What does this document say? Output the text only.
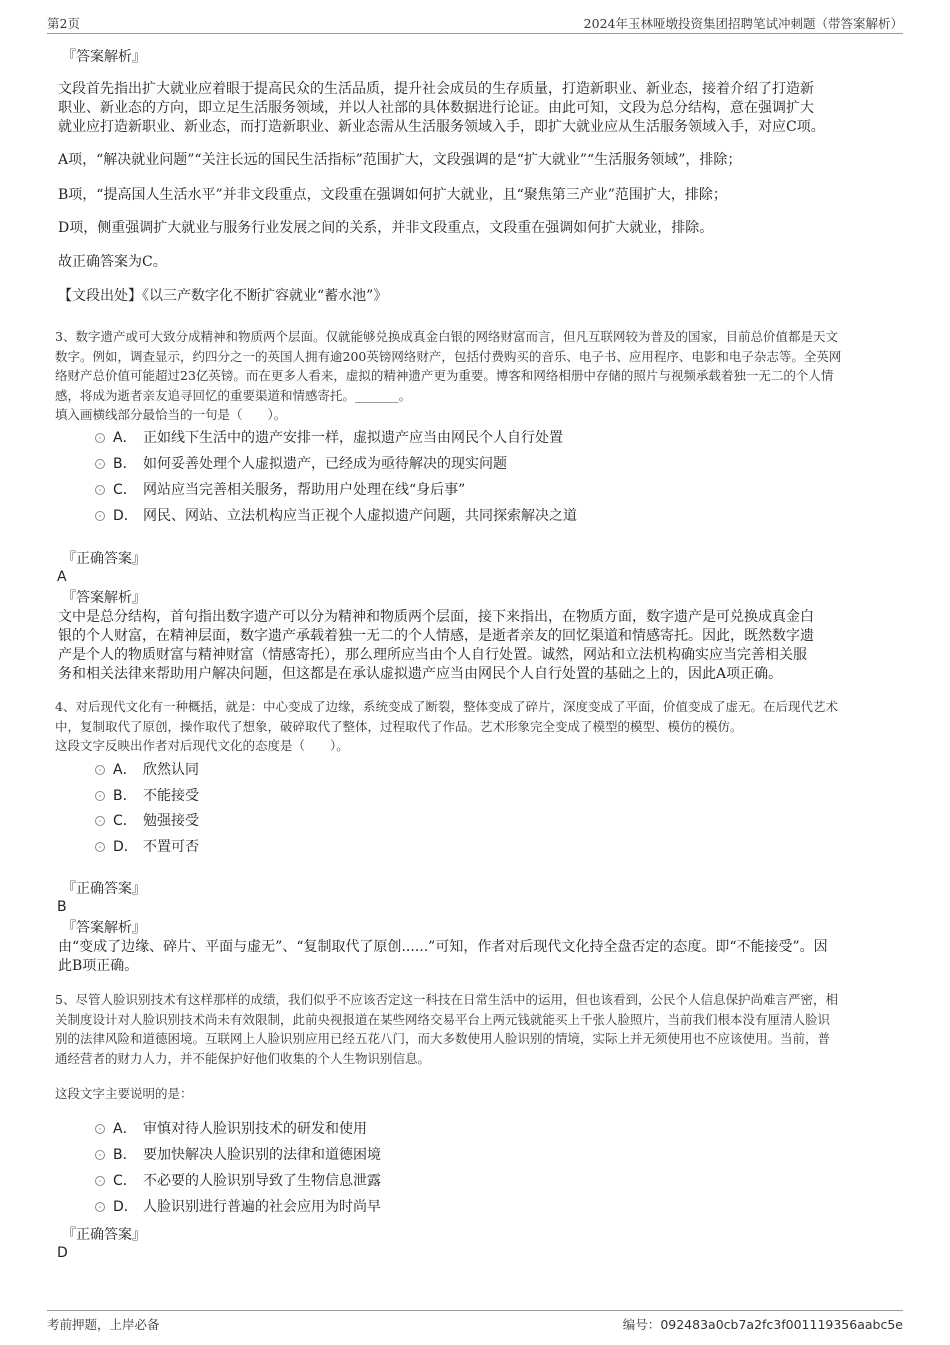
第2页	2024年玉林哑墩投资集团招聘笔试冲刺题（带答案解析）
『答案解析』
文段首先指出扩大就业应着眼于提高民众的生活品质，提升社会成员的生存质量，打造新职业、新业态，接着介绍了打造新
职业、新业态的方向，即立足生活服务领域，并以人社部的具体数据进行论证。由此可知，文段为总分结构，意在强调扩大
就业应打造新职业、新业态，而打造新职业、新业态需从生活服务领域入手，即扩大就业应从生活服务领域入手，对应C项。
A项，“解决就业问题”“关注长远的国民生活指标”范围扩大，文段强调的是“扩大就业”“生活服务领域”，排除；
B项，“提高国人生活水平”并非文段重点，文段重在强调如何扩大就业，且“聚焦第三产业”范围扩大，排除；
D项，侧重强调扩大就业与服务行业发展之间的关系，并非文段重点，文段重在强调如何扩大就业，排除。
故正确答案为C。
【文段出处】《以三产数字化不断扩容就业“蓄水池”》
3、数字遗产或可大致分成精神和物质两个层面。仅就能够兑换成真金白银的网络财富而言，但凡互联网较为普及的国家，目前总价值都是天文
数字。例如，调查显示，约四分之一的英国人拥有逾200英镑网络财产，包括付费购买的音乐、电子书、应用程序、电影和电子杂志等。全英网
络财产总价值可能超过23亿英镑。而在更多人看来，虚拟的精神遗产更为重要。博客和网络相册中存储的照片与视频承载着独一无二的个人情
感，将成为逝者亲友追寻回忆的重要渠道和情感寄托。_______。
填入画横线部分最恰当的一句是（　　）。
A． 正如线下生活中的遗产安排一样，虚拟遗产应当由网民个人自行处置
B． 如何妥善处理个人虚拟遗产，已经成为亟待解决的现实问题
C． 网站应当完善相关服务，帮助用户处理在线“身后事”
D． 网民、网站、立法机构应当正视个人虚拟遗产问题，共同探索解决之道
『正确答案』
A
『答案解析』
文中是总分结构，首句指出数字遗产可以分为精神和物质两个层面，接下来指出，在物质方面，数字遗产是可兑换成真金白
银的个人财富，在精神层面，数字遗产承载着独一无二的个人情感，是逝者亲友的回忆渠道和情感寄托。因此，既然数字遗
产是个人的物质财富与精神财富（情感寄托），那么理所应当由个人自行处置。诚然，网站和立法机构确实应当完善相关服
务和相关法律来帮助用户解决问题，但这都是在承认虚拟遗产应当由网民个人自行处置的基础之上的，因此A项正确。
4、对后现代文化有一种概括，就是：中心变成了边缘，系统变成了断裂，整体变成了碎片，深度变成了平面，价值变成了虚无。在后现代艺术
中，复制取代了原创，操作取代了想象，破碎取代了整体，过程取代了作品。艺术形象完全变成了模型的模型、模仿的模仿。
这段文字反映出作者对后现代文化的态度是（　　）。
A． 欣然认同
B． 不能接受
C． 勉强接受
D． 不置可否
『正确答案』
B
『答案解析』
由“变成了边缘、碎片、平面与虚无”、“复制取代了原创......”可知，作者对后现代文化持全盘否定的态度。即“不能接受”。因
此B项正确。
5、尽管人脸识别技术有这样那样的成绩，我们似乎不应该否定这一科技在日常生活中的运用，但也该看到，公民个人信息保护尚难言严密，相
关制度设计对人脸识别技术尚未有效限制，此前央视报道在某些网络交易平台上两元钱就能买上千张人脸照片，当前我们根本没有厘清人脸识
别的法律风险和道德困境。互联网上人脸识别应用已经五花八门，而大多数使用人脸识别的情境，实际上并无须使用也不应该使用。当前，普
通经营者的财力人力，并不能保护好他们收集的个人生物识别信息。
这段文字主要说明的是：
A． 审慎对待人脸识别技术的研发和使用
B． 要加快解决人脸识别的法律和道德困境
C． 不必要的人脸识别导致了生物信息泄露
D． 人脸识别进行普遍的社会应用为时尚早
『正确答案』
D
考前押题，上岸必备	编号：092483a0cb7a2fc3f001119356aabc5e
